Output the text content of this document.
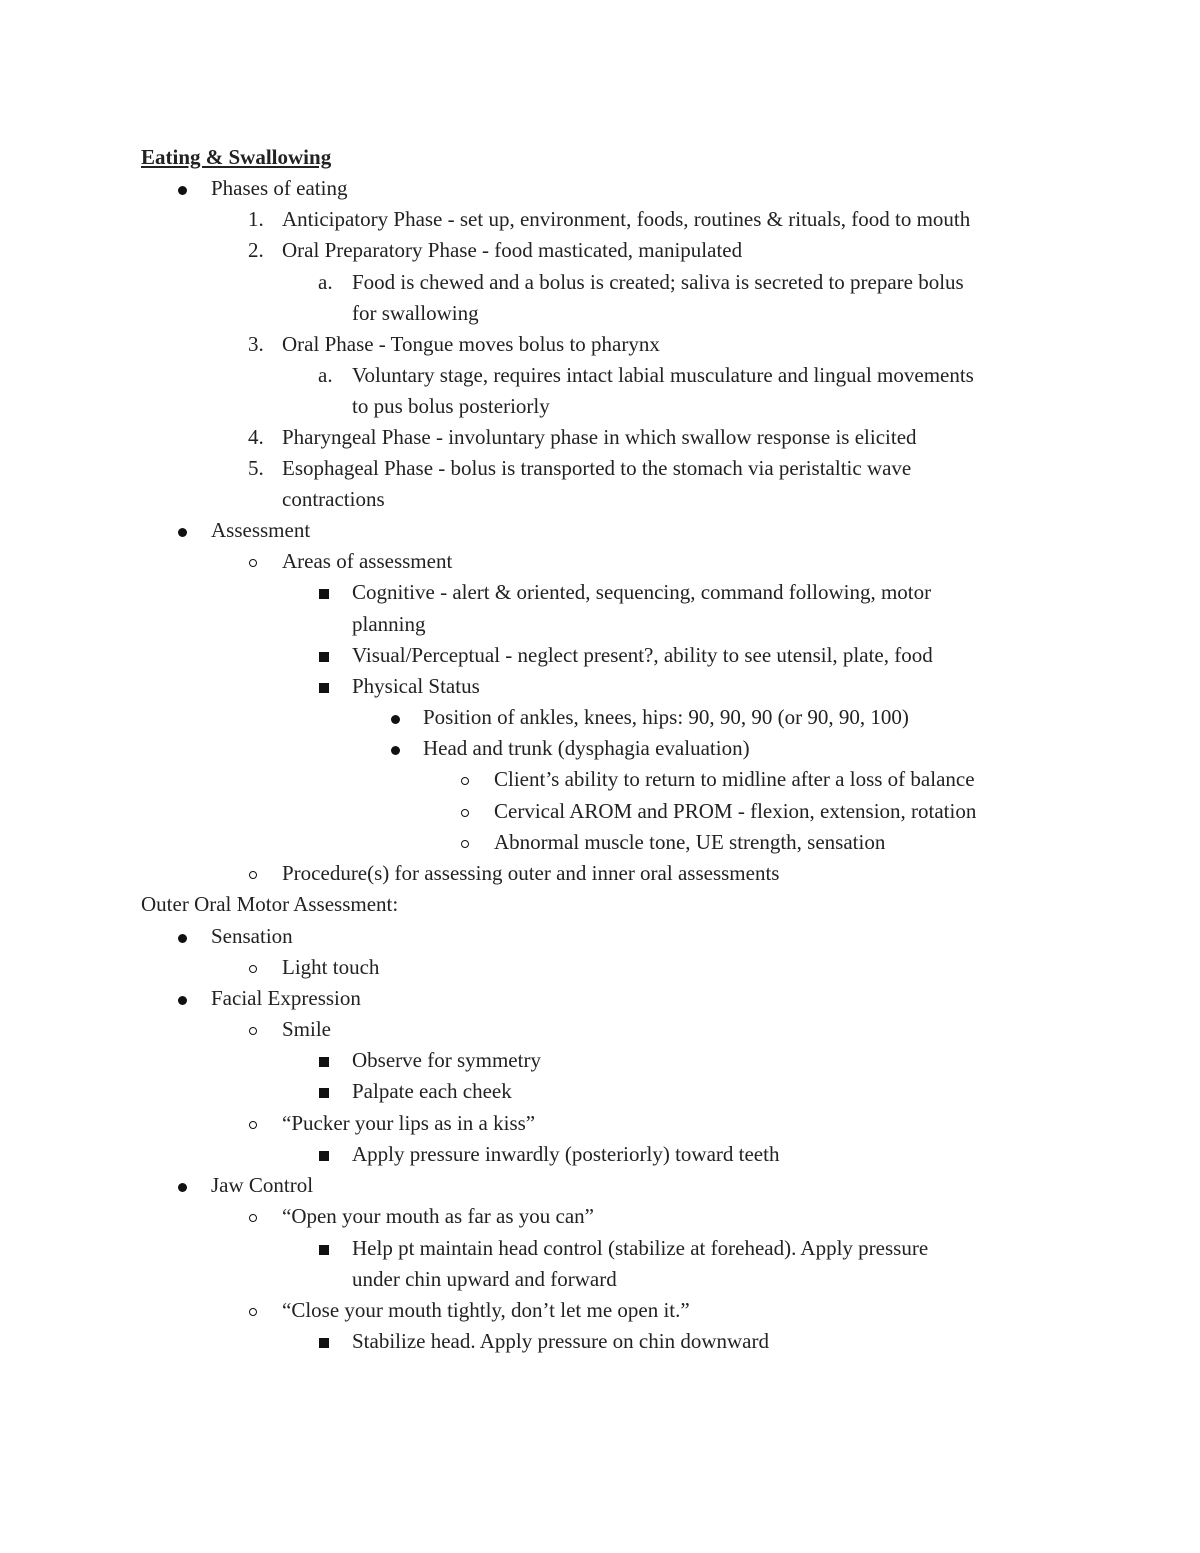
Eating & Swallowing
Phases of eating
1. Anticipatory Phase - set up, environment, foods, routines & rituals, food to mouth
2. Oral Preparatory Phase - food masticated, manipulated
a. Food is chewed and a bolus is created; saliva is secreted to prepare bolus
for swallowing
3. Oral Phase - Tongue moves bolus to pharynx
a. Voluntary stage, requires intact labial musculature and lingual movements
to pus bolus posteriorly
4. Pharyngeal Phase - involuntary phase in which swallow response is elicited
5. Esophageal Phase - bolus is transported to the stomach via peristaltic wave
contractions
Assessment
Areas of assessment
Cognitive - alert & oriented, sequencing, command following, motor
planning
Visual/Perceptual - neglect present?, ability to see utensil, plate, food
Physical Status
Position of ankles, knees, hips: 90, 90, 90 (or 90, 90, 100)
Head and trunk (dysphagia evaluation)
Client’s ability to return to midline after a loss of balance
Cervical AROM and PROM - flexion, extension, rotation
Abnormal muscle tone, UE strength, sensation
Procedure(s) for assessing outer and inner oral assessments
Outer Oral Motor Assessment:
Sensation
Light touch
Facial Expression
Smile
Observe for symmetry
Palpate each cheek
“Pucker your lips as in a kiss”
Apply pressure inwardly (posteriorly) toward teeth
Jaw Control
“Open your mouth as far as you can”
Help pt maintain head control (stabilize at forehead). Apply pressure
under chin upward and forward
“Close your mouth tightly, don’t let me open it.”
Stabilize head. Apply pressure on chin downward
